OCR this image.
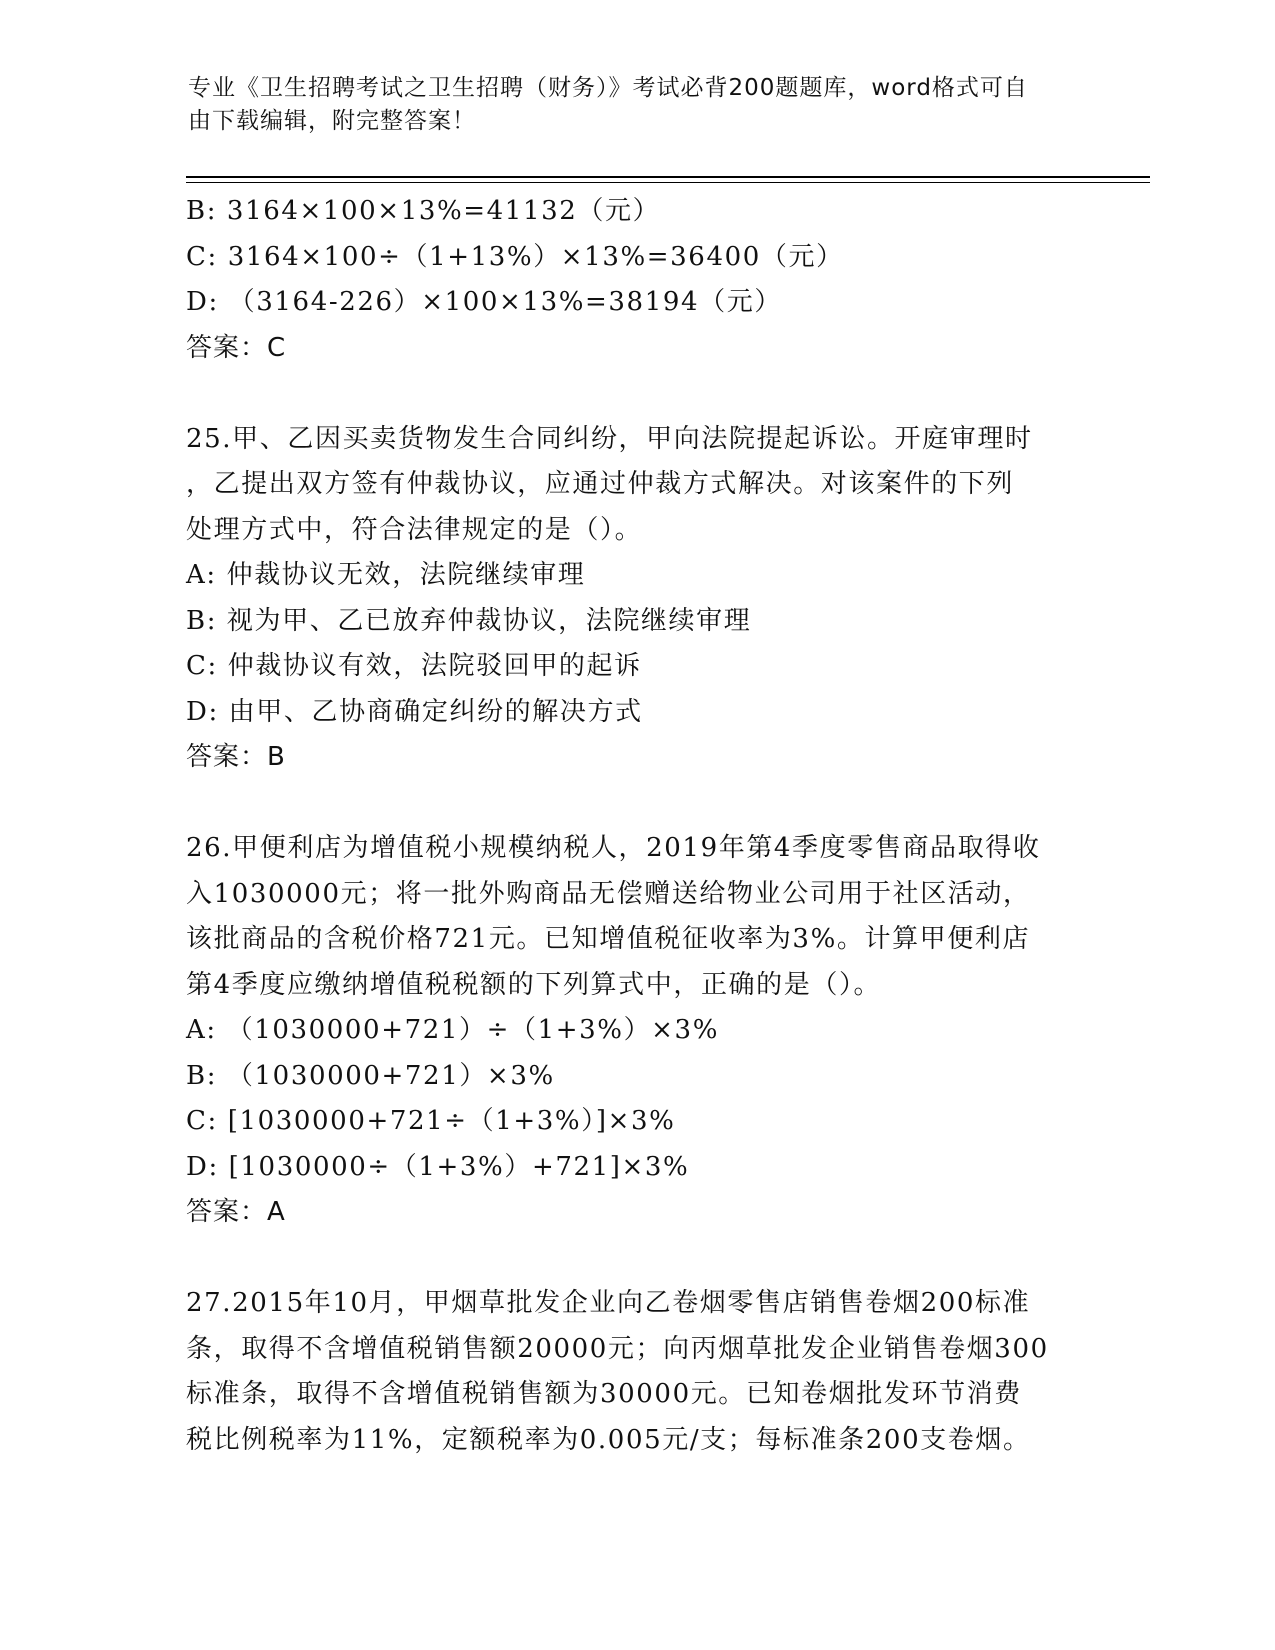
专业《卫生招聘考试之卫生招聘（财务）》考试必背200题题库，word格式可自
由下载编辑，附完整答案！
B: 3164×100×13%=41132（元）
C: 3164×100÷（1+13%）×13%=36400（元）
D: （3164-226）×100×13%=38194（元）
答案：C
25.甲、乙因买卖货物发生合同纠纷，甲向法院提起诉讼。开庭审理时
，乙提出双方签有仲裁协议，应通过仲裁方式解决。对该案件的下列
处理方式中，符合法律规定的是（）。
A: 仲裁协议无效，法院继续审理
B: 视为甲、乙已放弃仲裁协议，法院继续审理
C: 仲裁协议有效，法院驳回甲的起诉
D: 由甲、乙协商确定纠纷的解决方式
答案：B
26.甲便利店为增值税小规模纳税人，2019年第4季度零售商品取得收
入1030000元；将一批外购商品无偿赠送给物业公司用于社区活动，
该批商品的含税价格721元。已知增值税征收率为3%。计算甲便利店
第4季度应缴纳增值税税额的下列算式中，正确的是（）。
A: （1030000+721）÷（1+3%）×3%
B: （1030000+721）×3%
C: [1030000+721÷（1+3%）]×3%
D: [1030000÷（1+3%）+721]×3%
答案：A
27.2015年10月，甲烟草批发企业向乙卷烟零售店销售卷烟200标准
条，取得不含增值税销售额20000元；向丙烟草批发企业销售卷烟300
标准条，取得不含增值税销售额为30000元。已知卷烟批发环节消费
税比例税率为11%，定额税率为0.005元/支；每标准条200支卷烟。
